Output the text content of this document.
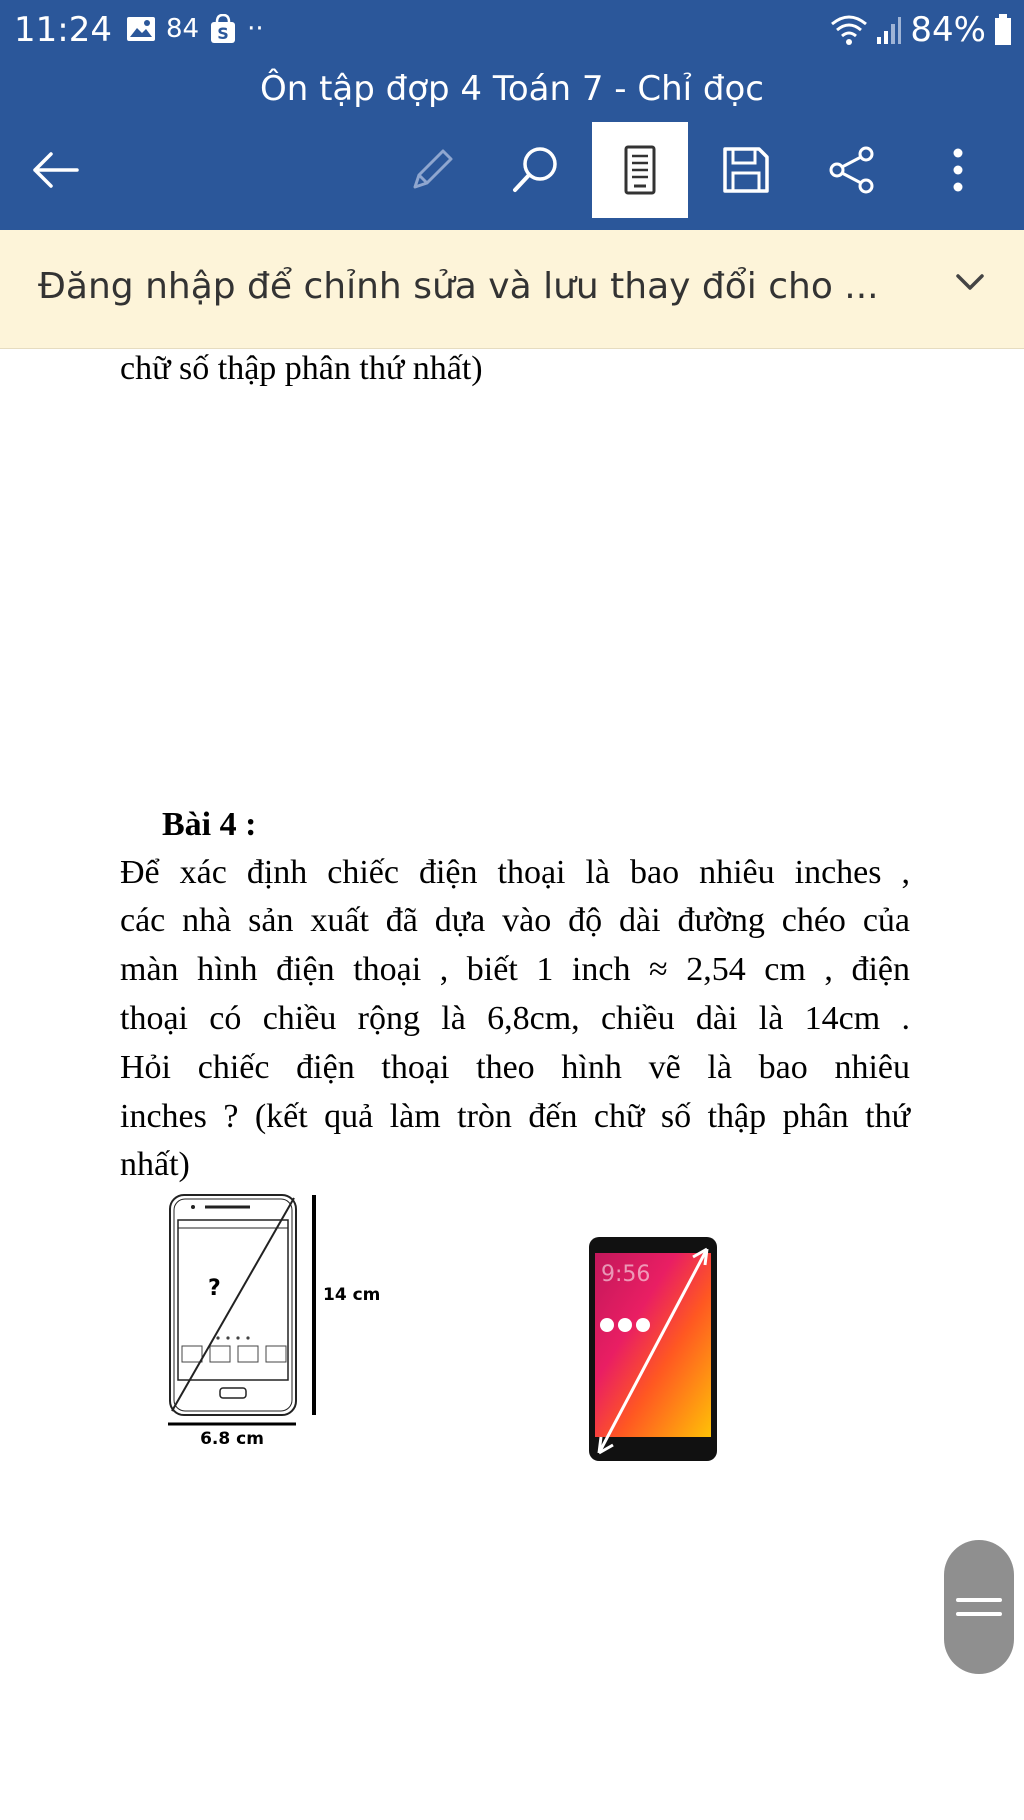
11:24 84 S ··	84%
Ôn tập đợp 4 Toán 7 - Chỉ đọc
Đăng nhập để chỉnh sửa và lưu thay đổi cho ...
chữ số thập phân thứ nhất)
Bài 4 :
Để xác định chiếc điện thoại là bao nhiêu inches ,
các nhà sản xuất đã dựa vào độ dài đường chéo của
màn hình điện thoại , biết 1 inch ≈ 2,54 cm , điện
thoại có chiều rộng là 6,8cm, chiều dài là 14cm .
Hỏi chiếc điện thoại theo hình vẽ là bao nhiêu
inches ? (kết quả làm tròn đến chữ số thập phân thứ
nhất)
?	14 cm
6.8 cm
9:56
